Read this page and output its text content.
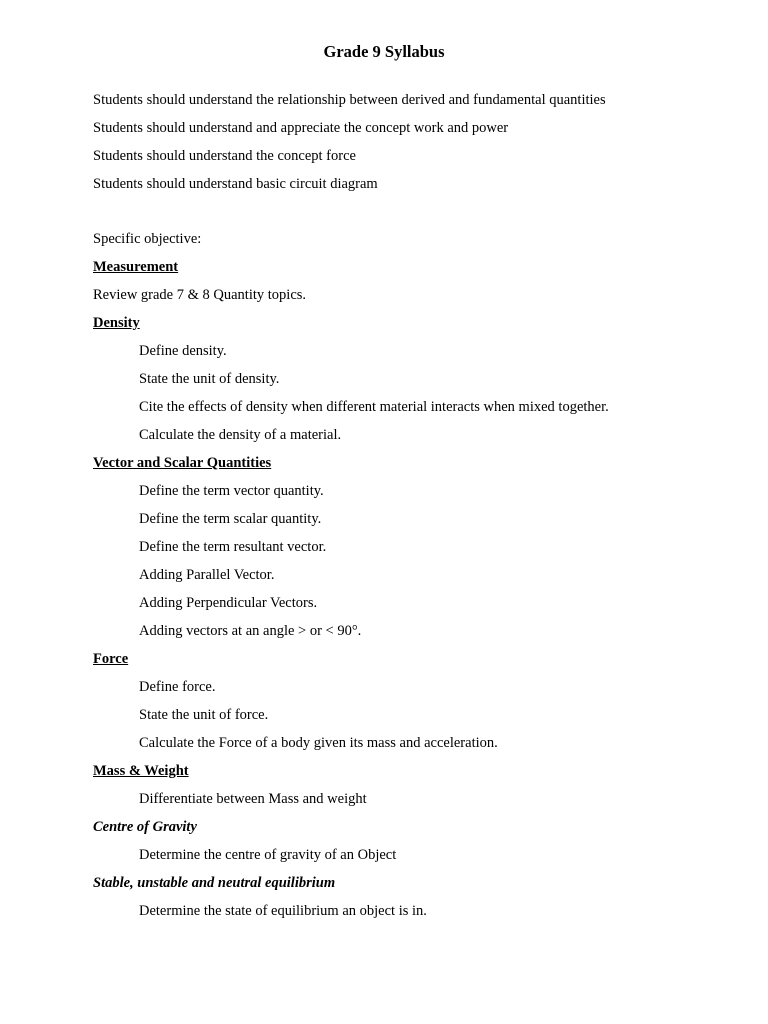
Grade 9 Syllabus
Students should understand the relationship between derived and fundamental quantities
Students should understand and appreciate the concept work and power
Students should understand the concept force
Students should understand basic circuit diagram
Specific objective:
Measurement
Review grade 7 & 8 Quantity topics.
Density
Define density.
State the unit of density.
Cite the effects of density when different material interacts when mixed together.
Calculate the density of a material.
Vector and Scalar Quantities
Define the term vector quantity.
Define the term scalar quantity.
Define the term resultant vector.
Adding Parallel Vector.
Adding Perpendicular Vectors.
Adding vectors at an angle > or < 90°.
Force
Define force.
State the unit of force.
Calculate the Force of a body given its mass and acceleration.
Mass & Weight
Differentiate between Mass and weight
Centre of Gravity
Determine the centre of gravity of an Object
Stable, unstable and neutral equilibrium
Determine the state of equilibrium an object is in.
